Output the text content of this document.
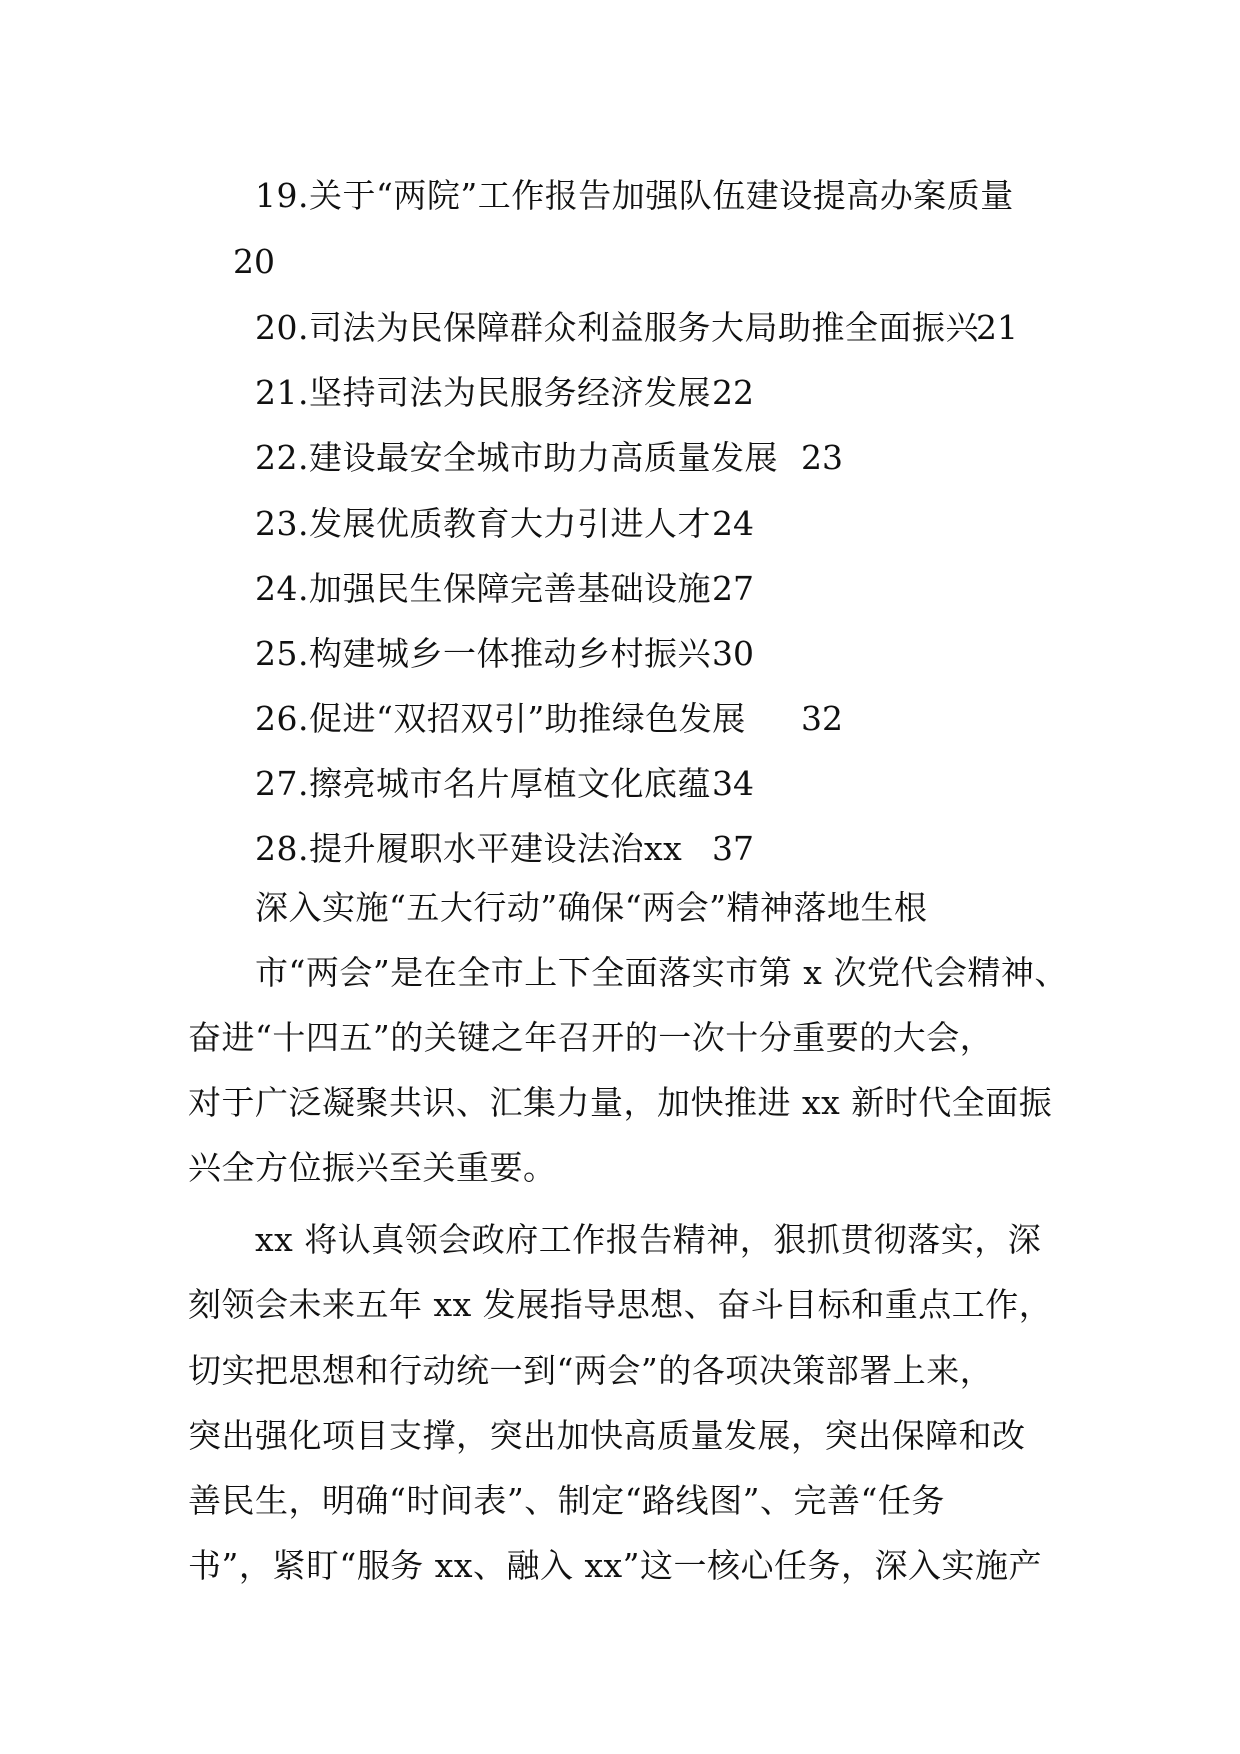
19.关于“两院”工作报告加强队伍建设提高办案质量
20
20.司法为民保障群众利益服务大局助推全面振兴
21
21.坚持司法为民服务经济发展 22
22.建设最安全城市助力高质量发展 23
23.发展优质教育大力引进人才 24
24.加强民生保障完善基础设施 27
25.构建城乡一体推动乡村振兴 30
26.促进“双招双引”助推绿色发展 32
27.擦亮城市名片厚植文化底蕴 34
28.提升履职水平建设法治xx 37
深入实施“五大行动”确保“两会”精神落地生根
市“两会”是在全市上下全面落实市第 x 次党代会精神、
奋进“十四五”的关键之年召开的一次十分重要的大会，
对于广泛凝聚共识、汇集力量，加快推进 xx 新时代全面振
兴全方位振兴至关重要。
xx 将认真领会政府工作报告精神，狠抓贯彻落实，深
刻领会未来五年 xx 发展指导思想、奋斗目标和重点工作，
切实把思想和行动统一到“两会”的各项决策部署上来，
突出强化项目支撑，突出加快高质量发展，突出保障和改
善民生，明确“时间表”、制定“路线图”、完善“任务
书”，紧盯“服务 xx、融入 xx”这一核心任务，深入实施产
